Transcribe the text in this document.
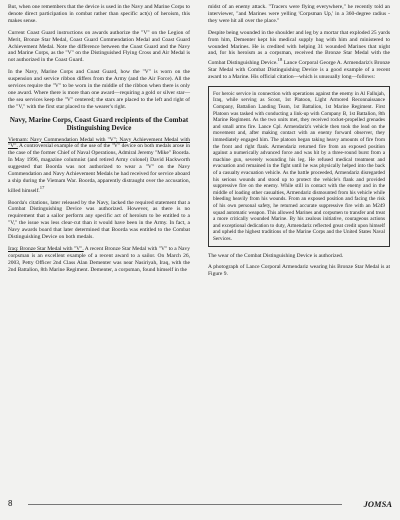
But, when one remembers that the device is used in the Navy and Marine Corps to denote direct participation in combat rather than specific act(s) of heroism, this makes sense.

Current Coast Guard instructions on awards authorize the "V" on the Legion of Merit, Bronze Star Medal, Coast Guard Commendation Medal and Coast Guard Achievement Medal. Note the difference between the Coast Guard and the Navy and Marine Corps, as the "V" on the Distinguished Flying Cross and Air Medal is not authorized in the Coast Guard.

In the Navy, Marine Corps and Coast Guard, how the "V" is worn on the suspension and service ribbon differs from the Army (and the Air Force). All the services require the "V" to be worn in the middle of the ribbon when there is only one award. Where there is more than one award—requiring a gold or silver star—the sea services keep the "V" centered; the stars are placed to the left and right of the "V," with the first star placed to the wearer's right.

Navy, Marine Corps, Coast Guard recipients of the Combat Distinguishing Device

Vietnam: Navy Commendation Medal with "V"; Navy Achievement Medal with "V". A controversial example of the use of the "V" device on both medals arose in the case of the former Chief of Naval Operations, Admiral Jeremy "Mike" Boorda. In May 1996, magazine columnist (and retired Army colonel) David Hackworth suggested that Boorda was not authorized to wear a "V" on the Navy Commendation and Navy Achievement Medals he had received for service aboard a ship during the Vietnam War. Boorda, apparently distraught over the accusation, killed himself.$^{17}$

Boorda's citations, later released by the Navy, lacked the required statement that a Combat Distinguishing Device was authorized. However, as there is no requirement that a sailor perform any specific act of heroism to be entitled to a "V," the issue was less clear-cut than it would have been in the Army. In fact, a Navy awards board that later determined that Boorda was entitled to the Combat Distinguishing Device on both medals.

Iraq: Bronze Star Medal with "V". A recent Bronze Star Medal with "V" to a Navy corpsman is an excellent example of a recent award to a sailor. On March 26, 2003, Petty Officer 2nd Class Alan Dementer was near Nasiriyah, Iraq, with the 2nd Battalion, 8th Marine Regiment. Dementer, a corpsman, found himself in the

midst of an enemy attack. "Tracers were flying everywhere," he recently told an interviewer, "and Marines were yelling 'Corpsman Up,' in a 360-degree radius - they were hit all over the place."

Despite being wounded in the shoulder and leg by a mortar that exploded 25 yards from him, Dementer kept his medical supply bag with him and ministered to wounded Marines. He is credited with helping 31 wounded Marines that night and, for his heroism as a corpsman, received the Bronze Star Medal with the Combat Distinguishing Device.$^{18}$ Lance Corporal George A. Armendariz's Bronze Star Medal with Combat Distinguishing Device is a good example of a recent award to a Marine. His official citation—which is unusually long—follows:

For heroic service in connection with operations against the enemy in Al Fallujah, Iraq, while serving as Scout, 1st Platoon, Light Armored Reconnaissance Company, Battalion Landing Team, 1st Battalion, 1st Marine Regiment. First Platoon was tasked with conducting a link-up with Company B, 1st Battalion, 8th Marine Regiment. As the two units met, they received rocket-propelled grenades and small arms fire. Lance Cpl. Armendariz's vehicle then took the lead on the movement and, after making contact with an enemy forward observer, they immediately engaged him. The platoon began taking heavy amounts of fire from the front and right flank. Armendariz returned fire from an exposed position against a numerically advanced force and was hit by a three-round burst from a machine gun, severely wounding his leg. He refused medical treatment and evacuation and remained in the fight until he was physically helped into the back of a casualty evacuation vehicle. As the battle proceeded, Armendariz disregarded his serious wounds and stood up to protect the vehicle's flank and provided suppressive fire on the enemy. While still in contact with the enemy and in the middle of loading other casualties, Armendariz dismounted from his vehicle while bleeding heavily from his wounds. From an exposed position and facing the risk of his own personal safety, he returned accurate suppressive fire with an M249 squad automatic weapon. This allowed Marines and corpsmen to transfer and treat a more critically wounded Marine. By his zealous initiative, courageous actions and exceptional dedication to duty, Armendariz reflected great credit upon himself and upheld the highest traditions of the Marine Corps and the United States Naval Services.

The wear of the Combat Distinguishing Device is authorized.

A photograph of Lance Corporal Armendariz wearing his Bronze Star Medal is at Figure 9.

8	JOMSA
